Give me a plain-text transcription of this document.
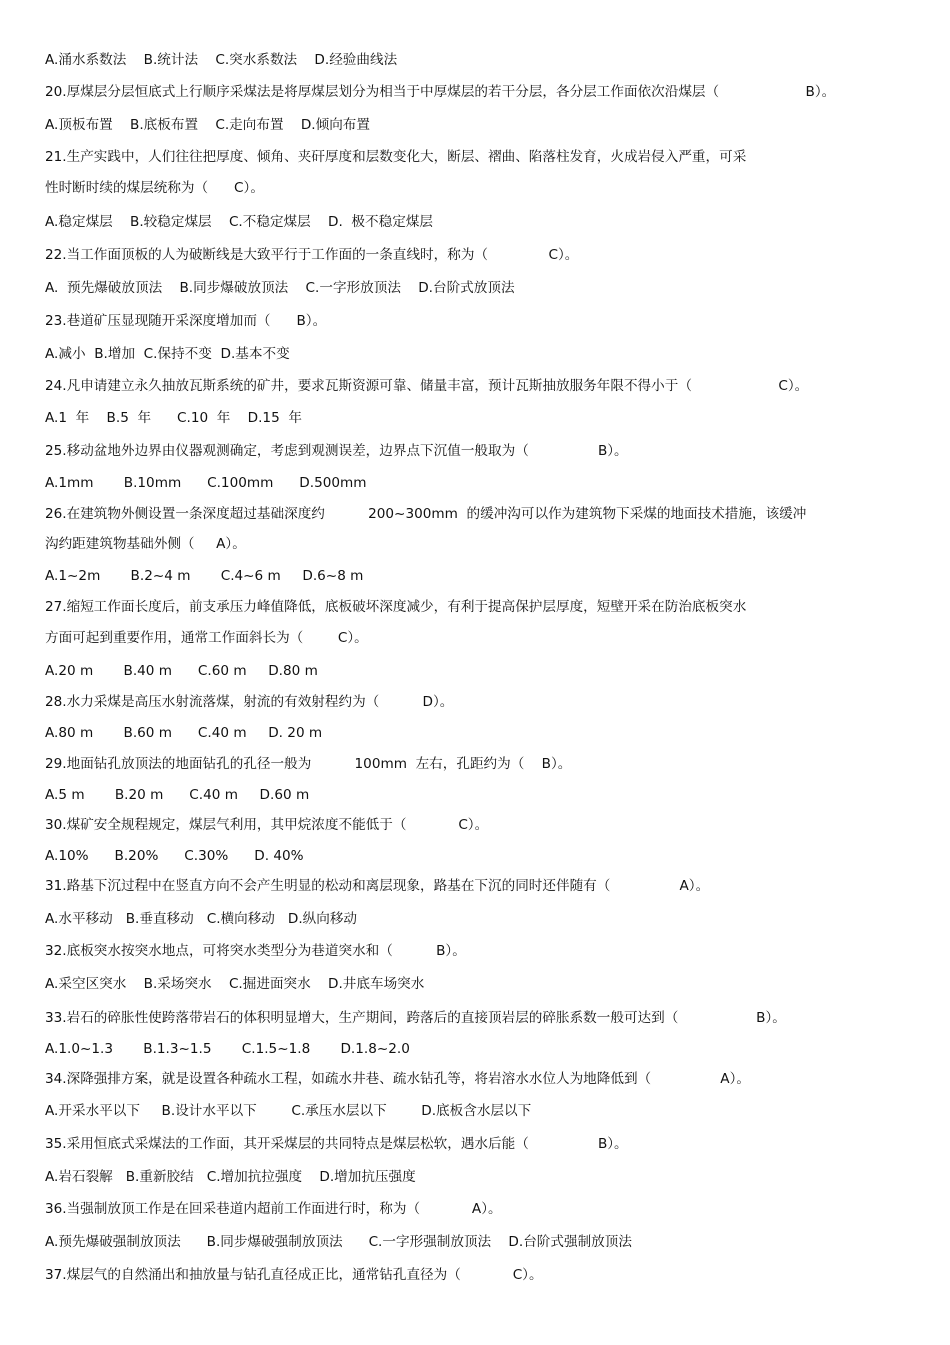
A.涌水系数法    B.统计法    C.突水系数法    D.经验曲线法
20.厚煤层分层恒底式上行顺序采煤法是将厚煤层划分为相当于中厚煤层的若干分层，各分层工作面依次沿煤层（                    B）。
A.顶板布置    B.底板布置    C.走向布置    D.倾向布置
21.生产实践中，人们往往把厚度、倾角、夹矸厚度和层数变化大，断层、褶曲、陷落柱发育，火成岩侵入严重，可采
性时断时续的煤层统称为（      C）。
A.稳定煤层    B.较稳定煤层    C.不稳定煤层    D.  极不稳定煤层
22.当工作面顶板的人为破断线是大致平行于工作面的一条直线时，称为（              C）。
A.  预先爆破放顶法    B.同步爆破放顶法    C.一字形放顶法    D.台阶式放顶法
23.巷道矿压显现随开采深度增加而（      B）。
A.减小  B.增加  C.保持不变  D.基本不变
24.凡申请建立永久抽放瓦斯系统的矿井，要求瓦斯资源可靠、储量丰富，预计瓦斯抽放服务年限不得小于（                    C）。
A.1  年    B.5  年      C.10  年    D.15  年
25.移动盆地外边界由仪器观测确定，考虑到观测误差，边界点下沉值一般取为（                B）。
A.1mm       B.10mm      C.100mm      D.500mm
26.在建筑物外侧设置一条深度超过基础深度约          200~300mm  的缓冲沟可以作为建筑物下采煤的地面技术措施，该缓冲
沟约距建筑物基础外侧（     A）。
A.1~2m       B.2~4 m       C.4~6 m     D.6~8 m
27.缩短工作面长度后，前支承压力峰值降低，底板破坏深度减少，有利于提高保护层厚度，短壁开采在防治底板突水
方面可起到重要作用，通常工作面斜长为（        C）。
A.20 m       B.40 m      C.60 m     D.80 m
28.水力采煤是高压水射流落煤，射流的有效射程约为（          D）。
A.80 m       B.60 m      C.40 m     D. 20 m
29.地面钻孔放顶法的地面钻孔的孔径一般为          100mm  左右，孔距约为（    B）。
A.5 m       B.20 m      C.40 m     D.60 m
30.煤矿安全规程规定，煤层气利用，其甲烷浓度不能低于（            C）。
A.10%      B.20%      C.30%      D. 40%
31.路基下沉过程中在竖直方向不会产生明显的松动和离层现象，路基在下沉的同时还伴随有（                A）。
A.水平移动   B.垂直移动   C.横向移动   D.纵向移动
32.底板突水按突水地点，可将突水类型分为巷道突水和（          B）。
A.采空区突水    B.采场突水    C.掘进面突水    D.井底车场突水
33.岩石的碎胀性使跨落带岩石的体积明显增大，生产期间，跨落后的直接顶岩层的碎胀系数一般可达到（                  B）。
A.1.0~1.3       B.1.3~1.5       C.1.5~1.8       D.1.8~2.0
34.深降强排方案，就是设置各种疏水工程，如疏水井巷、疏水钻孔等，将岩溶水水位人为地降低到（                A）。
A.开采水平以下     B.设计水平以下        C.承压水层以下        D.底板含水层以下
35.采用恒底式采煤法的工作面，其开采煤层的共同特点是煤层松软，遇水后能（                B）。
A.岩石裂解   B.重新胶结   C.增加抗拉强度    D.增加抗压强度
36.当强制放顶工作是在回采巷道内超前工作面进行时，称为（            A）。
A.预先爆破强制放顶法      B.同步爆破强制放顶法      C.一字形强制放顶法    D.台阶式强制放顶法
37.煤层气的自然涌出和抽放量与钻孔直径成正比，通常钻孔直径为（            C）。
